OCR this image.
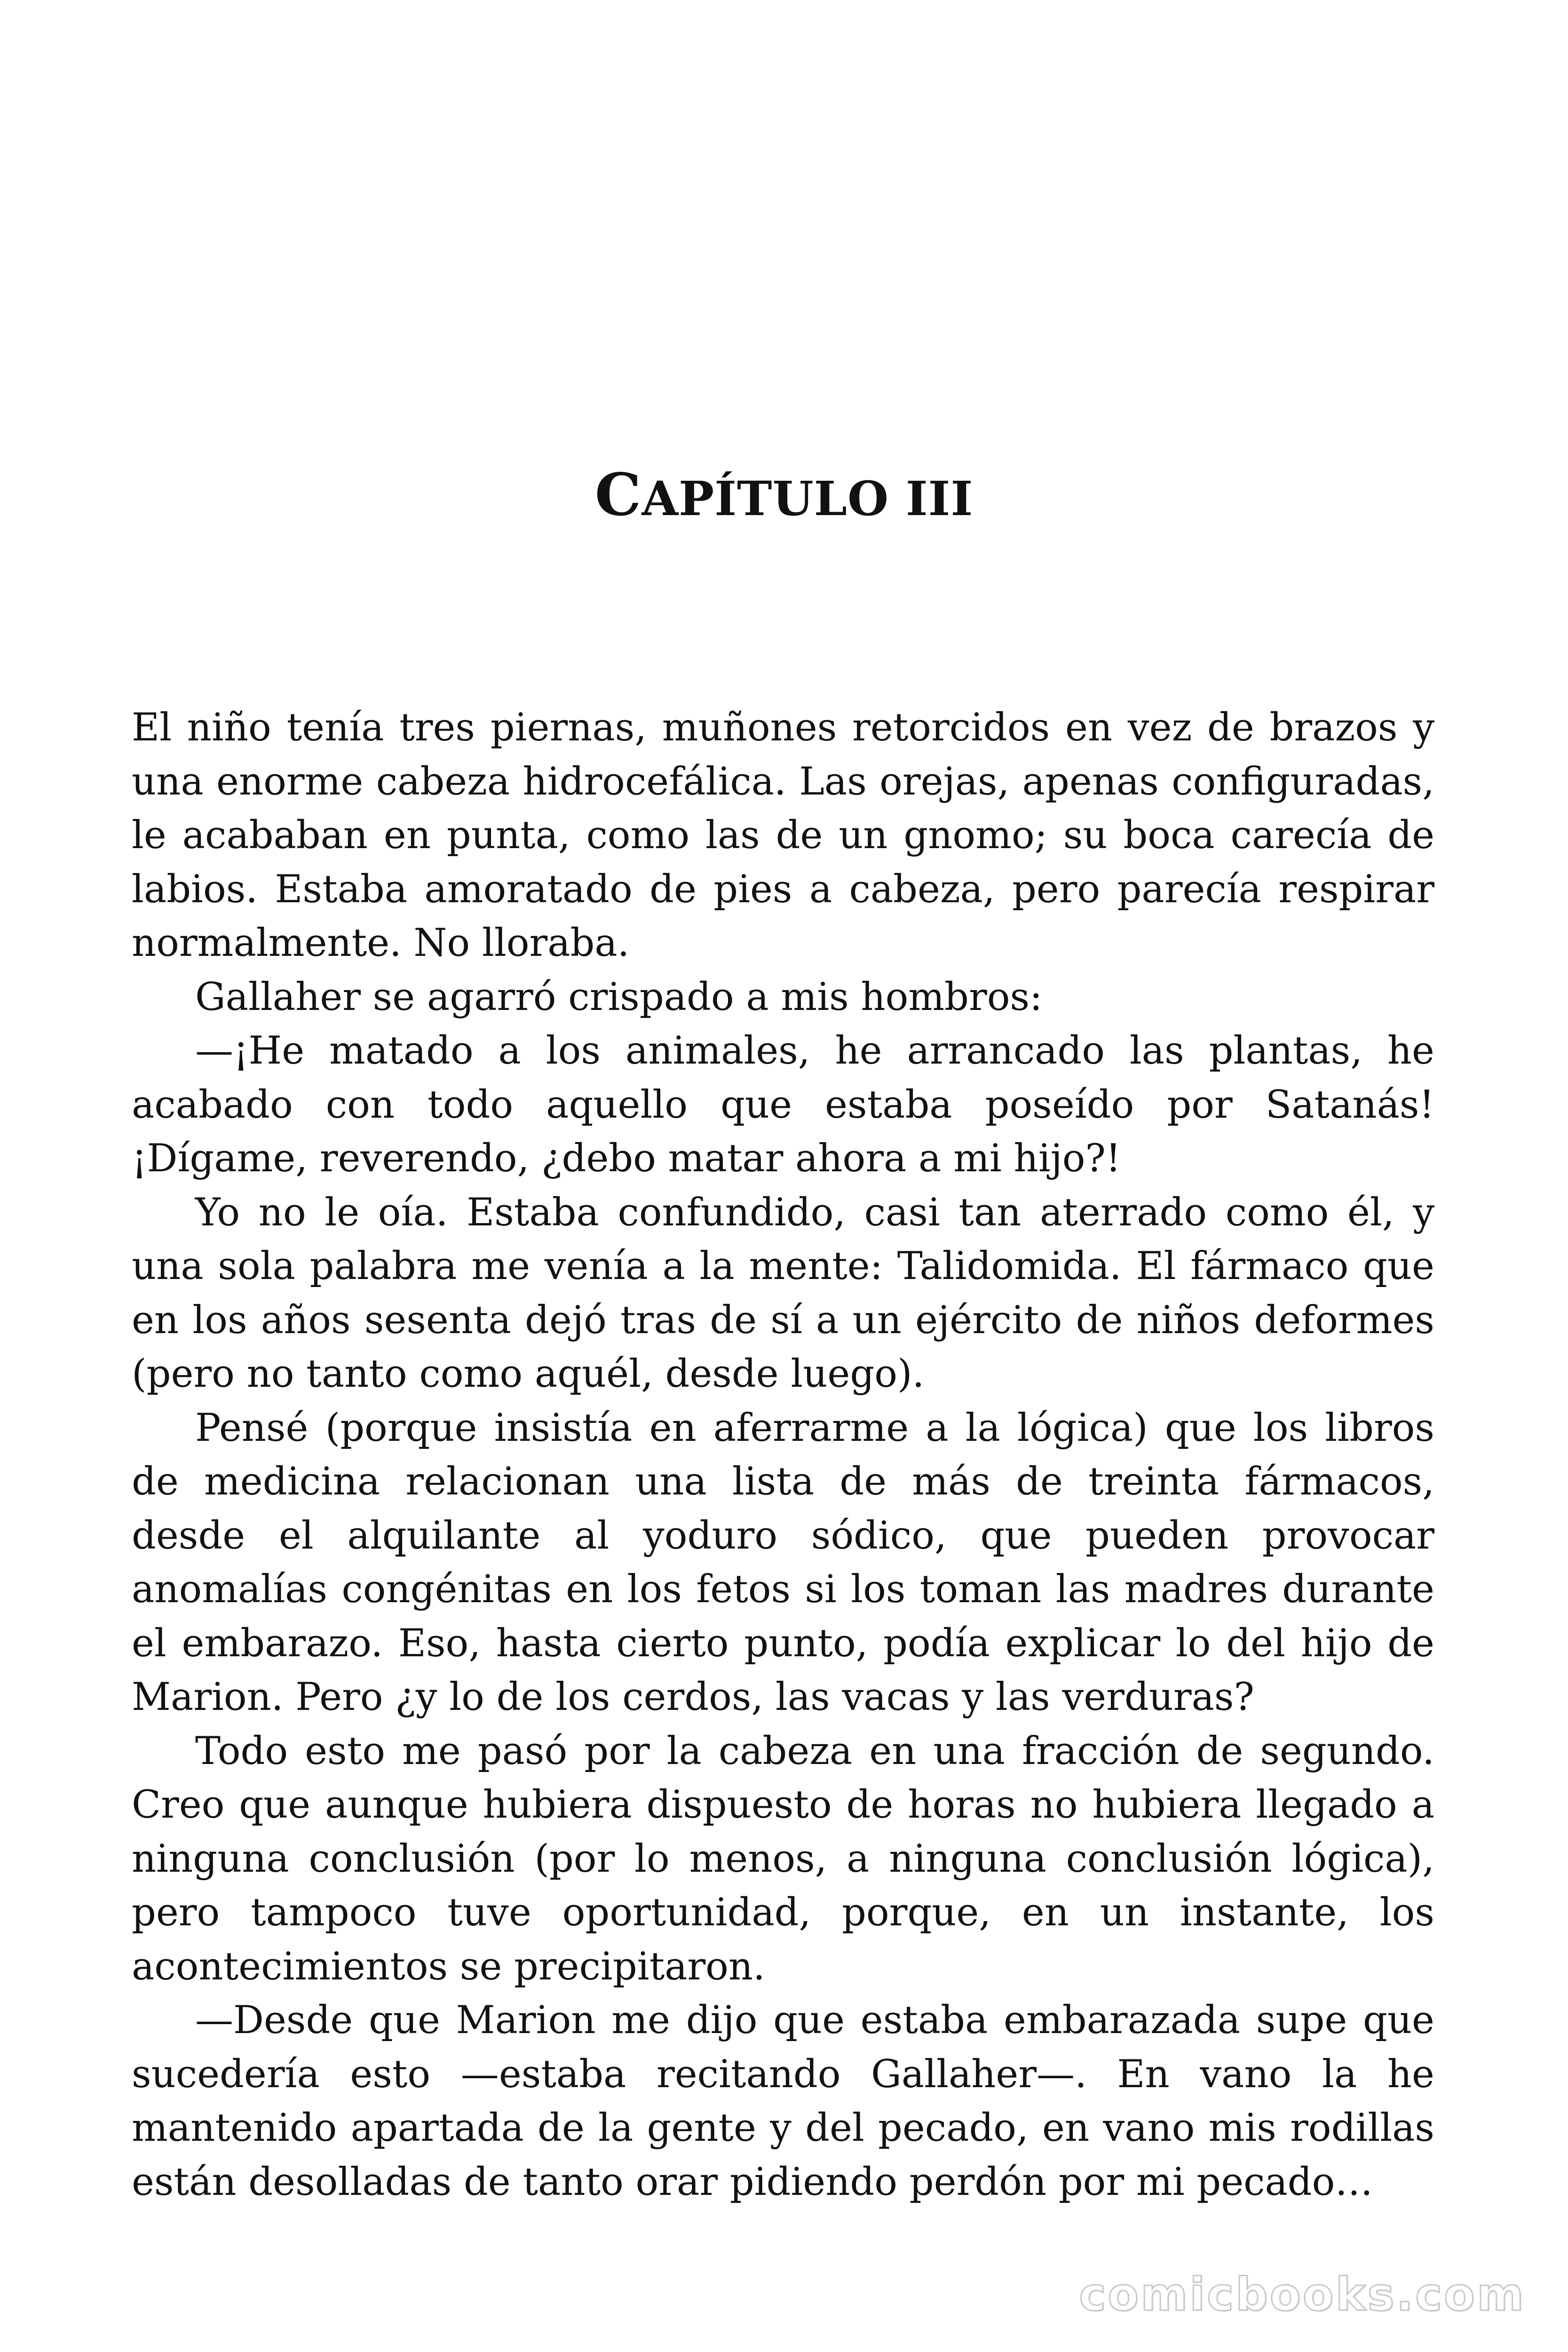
CAPÍTULO III

El niño tenía tres piernas, muñones retorcidos en vez de brazos y una enorme cabeza hidrocefálica. Las orejas, apenas configuradas, le acababan en punta, como las de un gnomo; su boca carecía de labios. Estaba amoratado de pies a cabeza, pero parecía respirar normalmente. No lloraba.

Gallaher se agarró crispado a mis hombros:

—¡He matado a los animales, he arrancado las plantas, he acabado con todo aquello que estaba poseído por Satanás! ¡Dígame, reverendo, ¿debo matar ahora a mi hijo?!

Yo no le oía. Estaba confundido, casi tan aterrado como él, y una sola palabra me venía a la mente: Talidomida. El fármaco que en los años sesenta dejó tras de sí a un ejército de niños deformes (pero no tanto como aquél, desde luego).

Pensé (porque insistía en aferrarme a la lógica) que los libros de medicina relacionan una lista de más de treinta fármacos, desde el alquilante al yoduro sódico, que pueden provocar anomalías congénitas en los fetos si los toman las madres durante el embarazo. Eso, hasta cierto punto, podía explicar lo del hijo de Marion. Pero ¿y lo de los cerdos, las vacas y las verduras?

Todo esto me pasó por la cabeza en una fracción de segundo. Creo que aunque hubiera dispuesto de horas no hubiera llegado a ninguna conclusión (por lo menos, a ninguna conclusión lógica), pero tampoco tuve oportunidad, porque, en un instante, los acontecimientos se precipitaron.

—Desde que Marion me dijo que estaba embarazada supe que sucedería esto —estaba recitando Gallaher—. En vano la he mantenido apartada de la gente y del pecado, en vano mis rodillas están desolladas de tanto orar pidiendo perdón por mi pecado…

comicbooks.com
